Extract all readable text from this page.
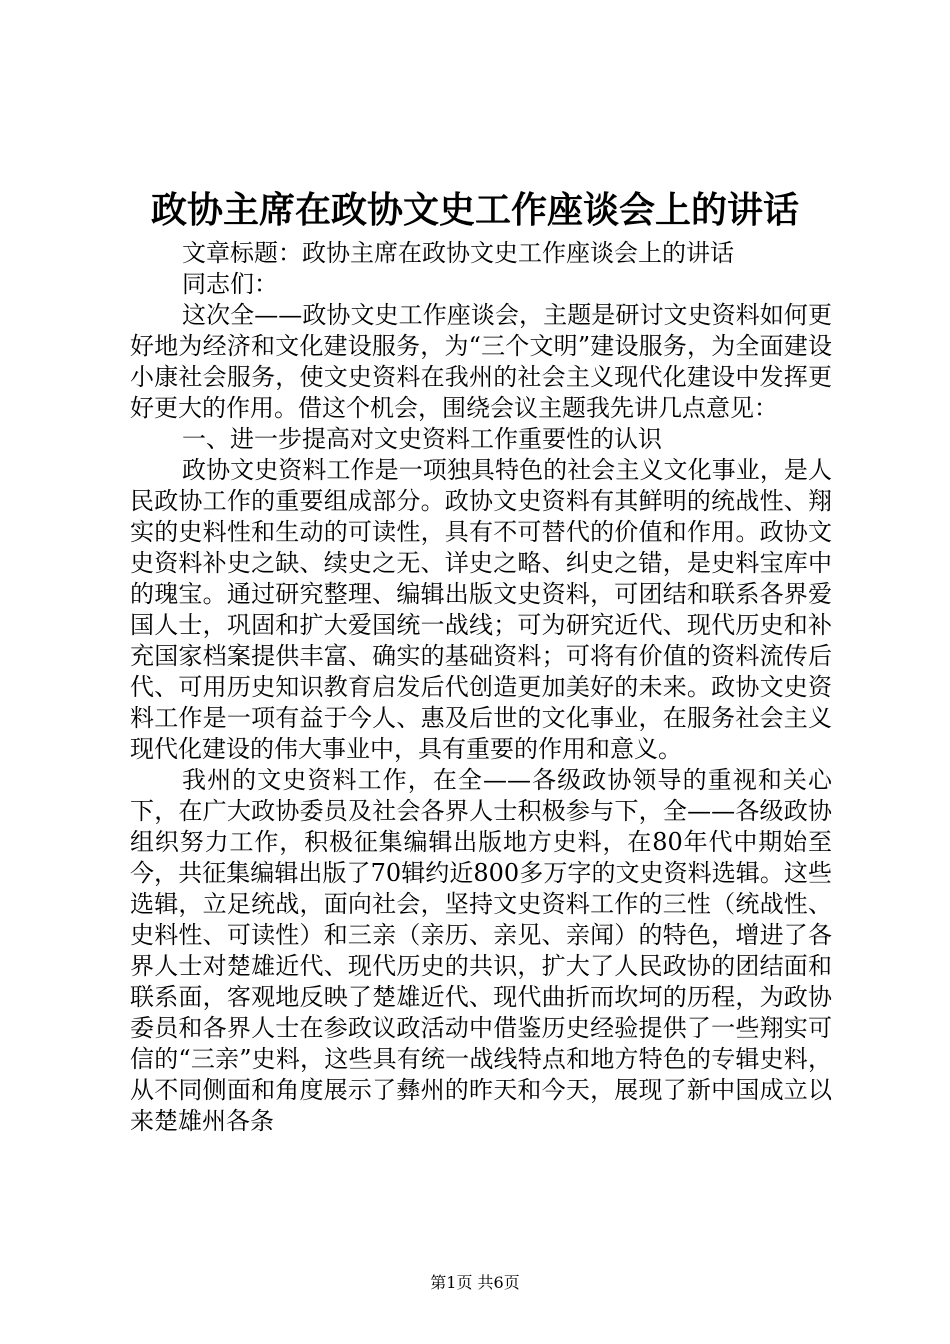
政协主席在政协文史工作座谈会上的讲话

文章标题：政协主席在政协文史工作座谈会上的讲话

同志们：

这次全——政协文史工作座谈会，主题是研讨文史资料如何更好地为经济和文化建设服务，为“三个文明”建设服务，为全面建设小康社会服务，使文史资料在我州的社会主义现代化建设中发挥更好更大的作用。借这个机会，围绕会议主题我先讲几点意见：

一、进一步提高对文史资料工作重要性的认识

政协文史资料工作是一项独具特色的社会主义文化事业，是人民政协工作的重要组成部分。政协文史资料有其鲜明的统战性、翔实的史料性和生动的可读性，具有不可替代的价值和作用。政协文史资料补史之缺、续史之无、详史之略、纠史之错，是史料宝库中的瑰宝。通过研究整理、编辑出版文史资料，可团结和联系各界爱国人士，巩固和扩大爱国统一战线；可为研究近代、现代历史和补充国家档案提供丰富、确实的基础资料；可将有价值的资料流传后代、可用历史知识教育启发后代创造更加美好的未来。政协文史资料工作是一项有益于今人、惠及后世的文化事业，在服务社会主义现代化建设的伟大事业中，具有重要的作用和意义。

我州的文史资料工作，在全——各级政协领导的重视和关心下，在广大政协委员及社会各界人士积极参与下，全——各级政协组织努力工作，积极征集编辑出版地方史料，在80年代中期始至今，共征集编辑出版了70辑约近800多万字的文史资料选辑。这些选辑，立足统战，面向社会，坚持文史资料工作的三性（统战性、史料性、可读性）和三亲（亲历、亲见、亲闻）的特色，增进了各界人士对楚雄近代、现代历史的共识，扩大了人民政协的团结面和联系面，客观地反映了楚雄近代、现代曲折而坎坷的历程，为政协委员和各界人士在参政议政活动中借鉴历史经验提供了一些翔实可信的“三亲”史料，这些具有统一战线特点和地方特色的专辑史料，从不同侧面和角度展示了彝州的昨天和今天，展现了新中国成立以来楚雄州各条

第1页 共6页
